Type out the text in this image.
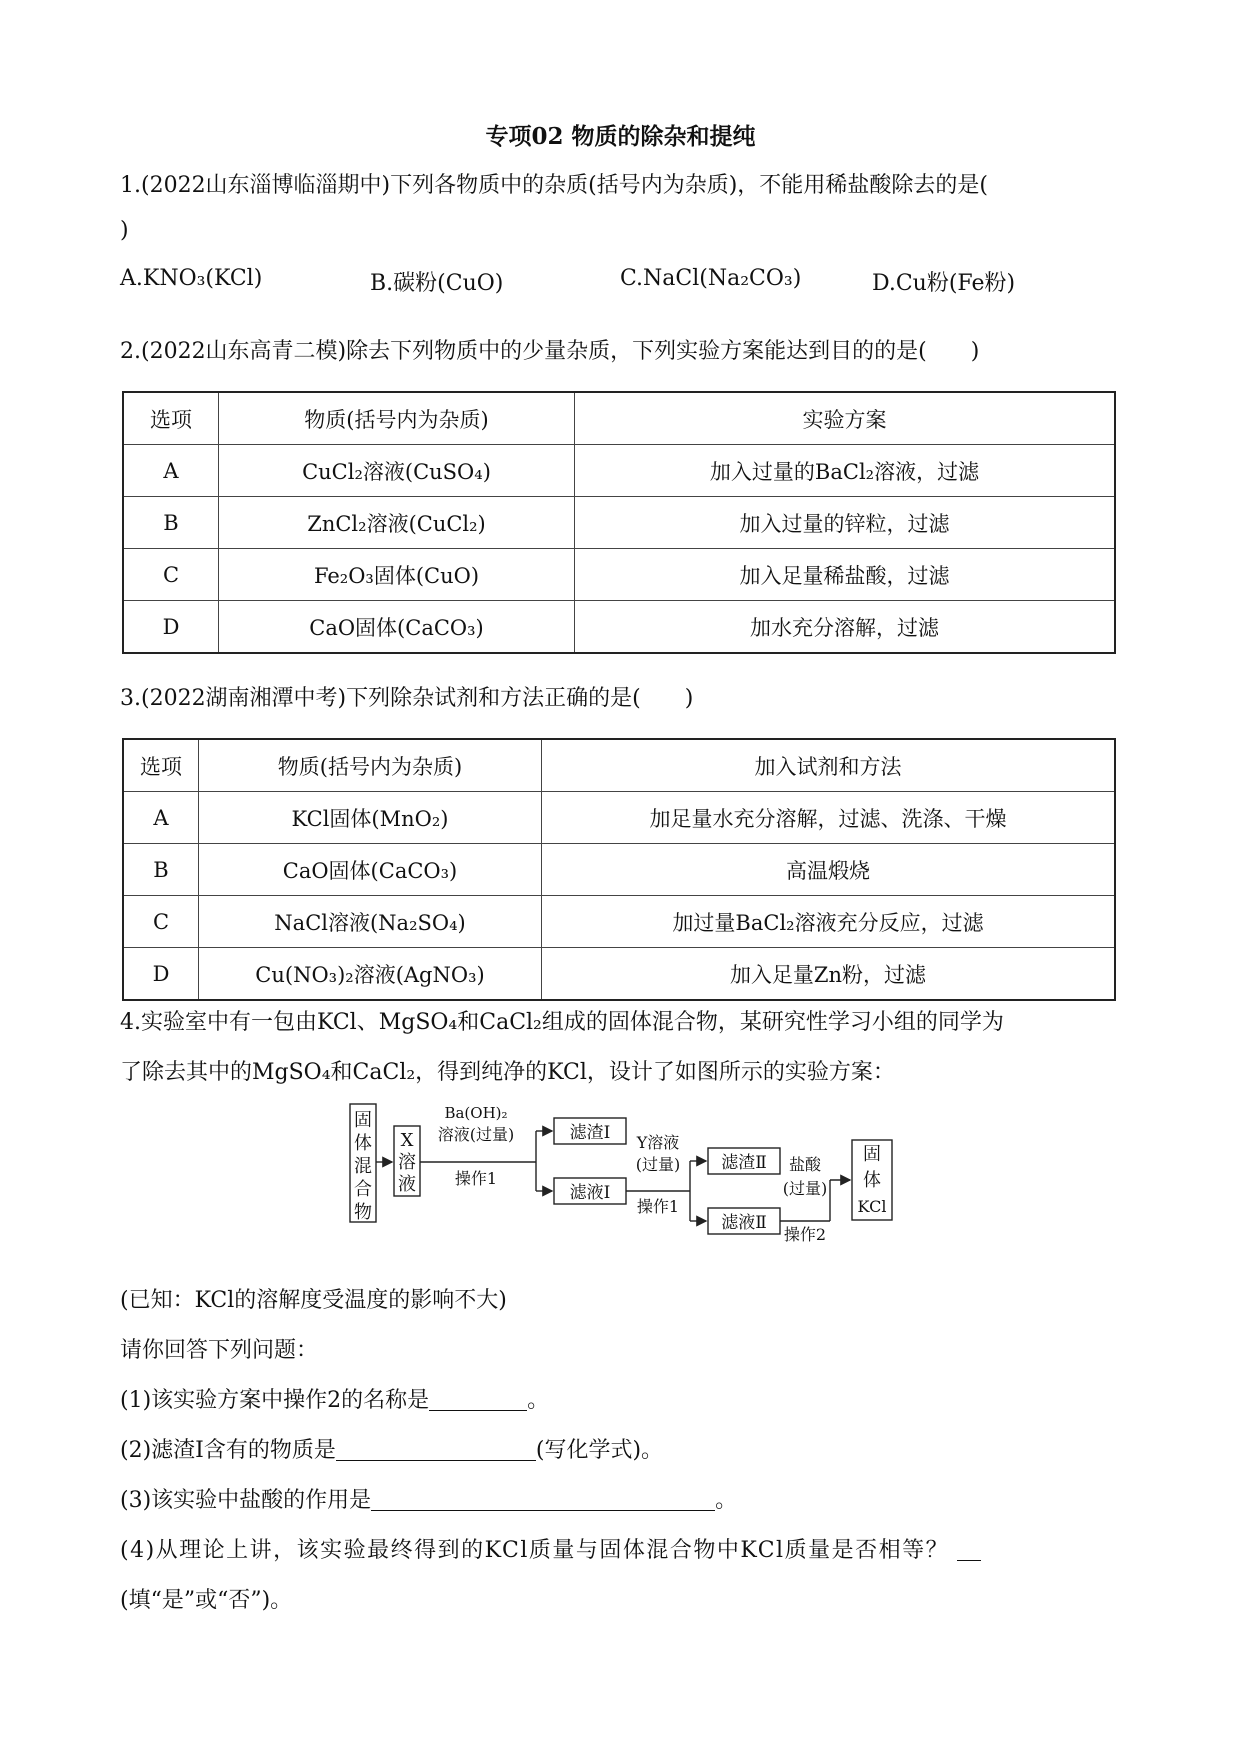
专项02 物质的除杂和提纯
1.(2022山东淄博临淄期中)下列各物质中的杂质(括号内为杂质)，不能用稀盐酸除去的是(
)
A.KNO₃(KCl)	B.碳粉(CuO)	C.NaCl(Na₂CO₃)	D.Cu粉(Fe粉)
2.(2022山东高青二模)除去下列物质中的少量杂质，下列实验方案能达到目的的是(　　)
选项	物质(括号内为杂质)	实验方案
A	CuCl₂溶液(CuSO₄)	加入过量的BaCl₂溶液，过滤
B	ZnCl₂溶液(CuCl₂)	加入过量的锌粒，过滤
C	Fe₂O₃固体(CuO)	加入足量稀盐酸，过滤
D	CaO固体(CaCO₃)	加水充分溶解，过滤
3.(2022湖南湘潭中考)下列除杂试剂和方法正确的是(　　)
选项	物质(括号内为杂质)	加入试剂和方法
A	KCl固体(MnO₂)	加足量水充分溶解，过滤、洗涤、干燥
B	CaO固体(CaCO₃)	高温煅烧
C	NaCl溶液(Na₂SO₄)	加过量BaCl₂溶液充分反应，过滤
D	Cu(NO₃)₂溶液(AgNO₃)	加入足量Zn粉，过滤
4.实验室中有一包由KCl、MgSO₄和CaCl₂组成的固体混合物，某研究性学习小组的同学为
了除去其中的MgSO₄和CaCl₂，得到纯净的KCl，设计了如图所示的实验方案：
固
体
混
合
物
X
溶
液
Ba(OH)₂
溶液(过量)
操作1
滤渣Ⅰ
滤液Ⅰ
Y溶液
(过量)
操作1
滤渣Ⅱ
滤液Ⅱ
盐酸
(过量)
操作2
固
体
KCl
(已知：KCl的溶解度受温度的影响不大)
请你回答下列问题：
(1)该实验方案中操作2的名称是	。
(2)滤渣Ⅰ含有的物质是	(写化学式)。
(3)该实验中盐酸的作用是	。
(4)从理论上讲，该实验最终得到的KCl质量与固体混合物中KCl质量是否相等？
(填“是”或“否”)。
